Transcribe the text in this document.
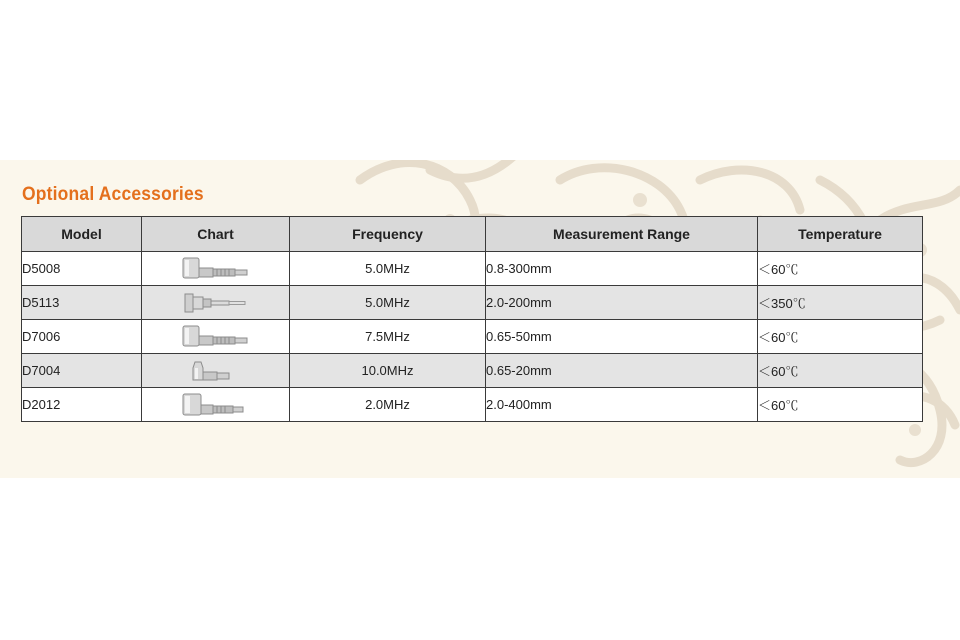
Optional Accessories
Model	Chart	Frequency	Measurement Range	Temperature
D5008		5.0MHz	0.8-300mm	＜60℃
D5113		5.0MHz	2.0-200mm	＜350℃
D7006		7.5MHz	0.65-50mm	＜60℃
D7004		10.0MHz	0.65-20mm	＜60℃
D2012		2.0MHz	2.0-400mm	＜60℃
